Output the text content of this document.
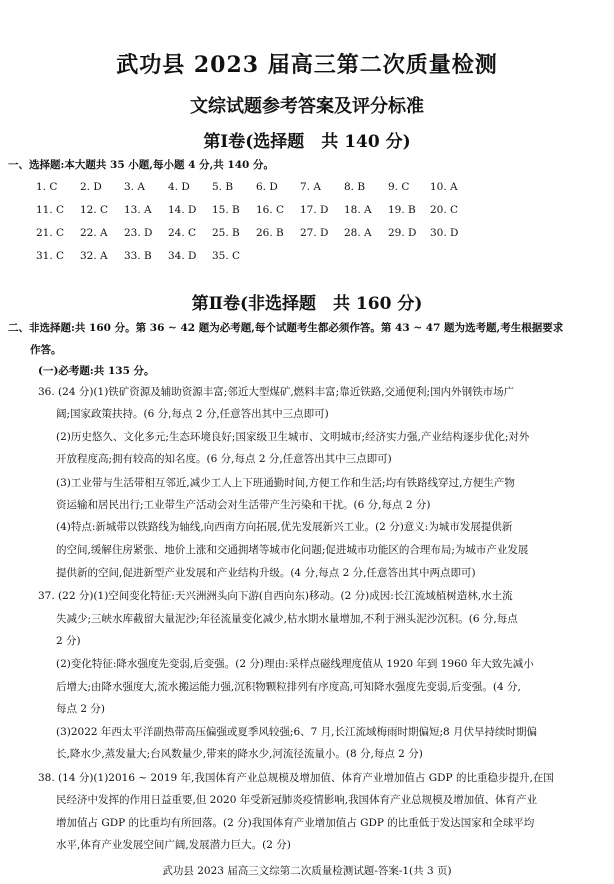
武功县 2023 届高三第二次质量检测
文综试题参考答案及评分标准
第Ⅰ卷(选择题　共 140 分)
一、选择题:本大题共 35 小题,每小题 4 分,共 140 分。
1. C 2. D 3. A 4. D 5. B 6. D 7. A 8. B 9. C 10. A
11. C 12. C 13. A 14. D 15. B 16. C 17. D 18. A 19. B 20. C
21. C 22. A 23. D 24. C 25. B 26. B 27. D 28. A 29. D 30. D
31. C 32. A 33. B 34. D 35. C
第Ⅱ卷(非选择题　共 160 分)
二、非选择题:共 160 分。第 36 ~ 42 题为必考题,每个试题考生都必须作答。第 43 ~ 47 题为选考题,考生根据要求
作答。
(一)必考题:共 135 分。
36. (24 分)(1)铁矿资源及辅助资源丰富;邻近大型煤矿,燃料丰富;靠近铁路,交通便利;国内外钢铁市场广
阔;国家政策扶持。(6 分,每点 2 分,任意答出其中三点即可)
(2)历史悠久、文化多元;生态环境良好;国家级卫生城市、文明城市;经济实力强,产业结构逐步优化;对外
开放程度高;拥有较高的知名度。(6 分,每点 2 分,任意答出其中三点即可)
(3)工业带与生活带相互邻近,减少工人上下班通勤时间,方便工作和生活;均有铁路线穿过,方便生产物
资运输和居民出行;工业带生产活动会对生活带产生污染和干扰。(6 分,每点 2 分)
(4)特点:新城带以铁路线为轴线,向西南方向拓展,优先发展新兴工业。(2 分)意义:为城市发展提供新
的空间,缓解住房紧张、地价上涨和交通拥堵等城市化问题;促进城市功能区的合理布局;为城市产业发展
提供新的空间,促进新型产业发展和产业结构升级。(4 分,每点 2 分,任意答出其中两点即可)
37. (22 分)(1)空间变化特征:天兴洲洲头向下游(自西向东)移动。(2 分)成因:长江流域植树造林,水土流
失减少;三峡水库截留大量泥沙;年径流量变化减少,枯水期水量增加,不利于洲头泥沙沉积。(6 分,每点
2 分)
(2)变化特征:降水强度先变弱,后变强。(2 分)理由:采样点磁线理度值从 1920 年到 1960 年大致先减小
后增大;由降水强度大,流水搬运能力强,沉积物颗粒排列有序度高,可知降水强度先变弱,后变强。(4 分,
每点 2 分)
(3)2022 年西太平洋副热带高压偏强或夏季风较强;6、7 月,长江流域梅雨时期偏短;8 月伏旱持续时期偏
长,降水少,蒸发量大;台风数量少,带来的降水少,河流径流量小。(8 分,每点 2 分)
38. (14 分)(1)2016 ~ 2019 年,我国体育产业总规模及增加值、体育产业增加值占 GDP 的比重稳步提升,在国
民经济中发挥的作用日益重要,但 2020 年受新冠肺炎疫情影响,我国体育产业总规模及增加值、体育产业
增加值占 GDP 的比重均有所回落。(2 分)我国体育产业增加值占 GDP 的比重低于发达国家和全球平均
水平,体育产业发展空间广阔,发展潜力巨大。(2 分)
武功县 2023 届高三文综第二次质量检测试题-答案-1(共 3 页)
